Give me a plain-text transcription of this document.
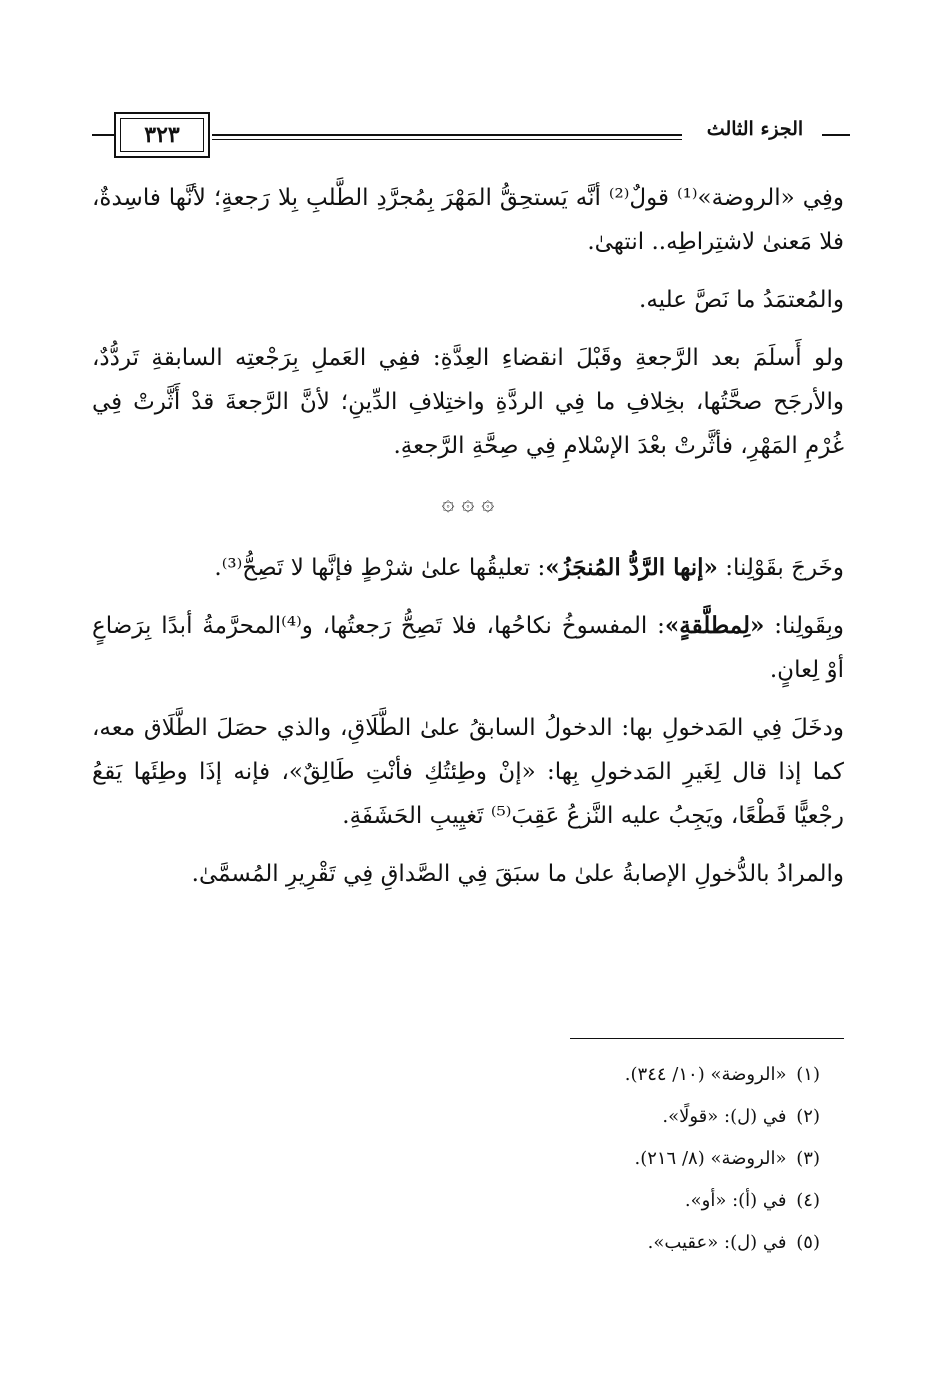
٣٢٣	الجزء الثالث

وفِي «الروضة»⁽¹⁾ قولٌ⁽²⁾ أنَّه يَستحِقُّ المَهْرَ بِمُجرَّدِ الطَّلبِ بِلا رَجعةٍ؛ لأنَّها فاسِدةٌ، فلا مَعنىٰ لاشتِراطِه.. انتهىٰ.

والمُعتمَدُ ما نَصَّ عليه.

ولو أَسلَمَ بعد الرَّجعةِ وقَبْلَ انقضاءِ العِدَّةِ: ففِي العَملِ بِرَجْعتِه السابقةِ تَردُّدٌ، والأرجَح صحَّتُها، بخِلافِ ما فِي الردَّةِ واختِلافِ الدِّينِ؛ لأنَّ الرَّجعةَ قدْ أَثَّرتْ فِي غُرْمِ المَهْرِ، فأثَّرتْ بعْدَ الإسْلامِ فِي صِحَّةِ الرَّجعةِ.

۞ ۞ ۞

وخَرجَ بقَوْلِنا: «إنها الرَّدُّ المُنجَزُ»: تعليقُها علىٰ شرْطٍ فإنَّها لا تَصِحُّ⁽³⁾.

وبِقَولِنا: «لِمطلَّقةٍ»: المفسوخُ نكاحُها، فلا تَصِحُّ رَجعتُها، و⁽⁴⁾المحرَّمةُ أبدًا بِرَضاعٍ أوْ لِعانٍ.

ودخَلَ فِي المَدخولِ بها: الدخولُ السابقُ علىٰ الطَّلَاقِ، والذي حصَلَ الطَّلَاق معه، كما إذا قال لِغَيرِ المَدخولِ بِها: «إنْ وطِئتُكِ فأنْتِ طَالِقٌ»، فإنه إذَا وطِئَها يَقعُ رجْعيًّا قَطْعًا، ويَجِبُ عليه النَّزعُ عَقِبَ⁽⁵⁾ تَغيِيبِ الحَشَفَةِ.

والمرادُ بالدُّخولِ الإصابةُ علىٰ ما سبَقَ فِي الصَّداقِ فِي تَقْرِيرِ المُسمَّىٰ.

(١) «الروضة» (١٠/ ٣٤٤).
(٢) في (ل): «قولًا».
(٣) «الروضة» (٨/ ٢١٦).
(٤) في (أ): «أو».
(٥) في (ل): «عقيب».
